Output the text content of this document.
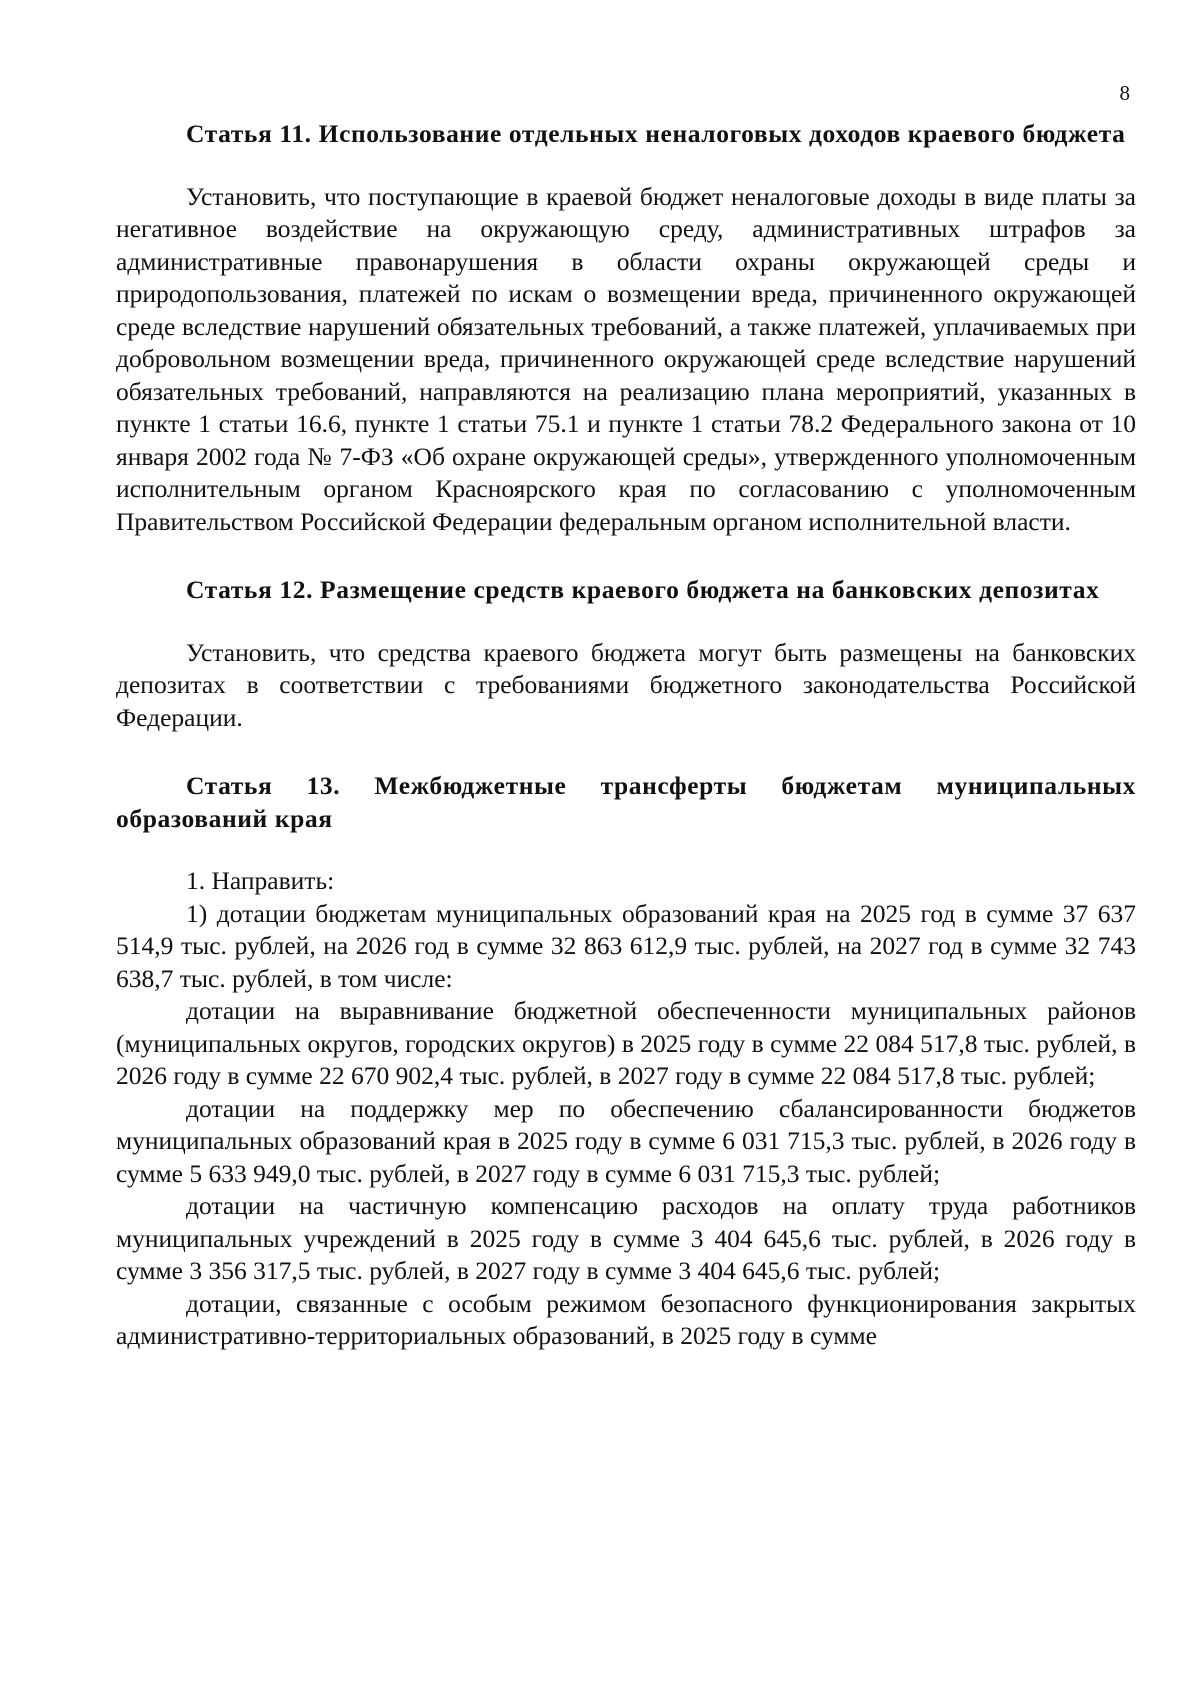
8

Статья 11. Использование отдельных неналоговых доходов краевого бюджета

Установить, что поступающие в краевой бюджет неналоговые доходы в виде платы за негативное воздействие на окружающую среду, административных штрафов за административные правонарушения в области охраны окружающей среды и природопользования, платежей по искам о возмещении вреда, причиненного окружающей среде вследствие нарушений обязательных требований, а также платежей, уплачиваемых при добровольном возмещении вреда, причиненного окружающей среде вследствие нарушений обязательных требований, направляются на реализацию плана мероприятий, указанных в пункте 1 статьи 16.6, пункте 1 статьи 75.1 и пункте 1 статьи 78.2 Федерального закона от 10 января 2002 года № 7-ФЗ «Об охране окружающей среды», утвержденного уполномоченным исполнительным органом Красноярского края по согласованию с уполномоченным Правительством Российской Федерации федеральным органом исполнительной власти.

Статья 12. Размещение средств краевого бюджета на банковских депозитах

Установить, что средства краевого бюджета могут быть размещены на банковских депозитах в соответствии с требованиями бюджетного законодательства Российской Федерации.

Статья 13. Межбюджетные трансферты бюджетам муниципальных образований края

1. Направить:

1) дотации бюджетам муниципальных образований края на 2025 год в сумме 37 637 514,9 тыс. рублей, на 2026 год в сумме 32 863 612,9 тыс. рублей, на 2027 год в сумме 32 743 638,7 тыс. рублей, в том числе:

дотации на выравнивание бюджетной обеспеченности муниципальных районов (муниципальных округов, городских округов) в 2025 году в сумме 22 084 517,8 тыс. рублей, в 2026 году в сумме 22 670 902,4 тыс. рублей, в 2027 году в сумме 22 084 517,8 тыс. рублей;

дотации на поддержку мер по обеспечению сбалансированности бюджетов муниципальных образований края в 2025 году в сумме 6 031 715,3 тыс. рублей, в 2026 году в сумме 5 633 949,0 тыс. рублей, в 2027 году в сумме 6 031 715,3 тыс. рублей;

дотации на частичную компенсацию расходов на оплату труда работников муниципальных учреждений в 2025 году в сумме 3 404 645,6 тыс. рублей, в 2026 году в сумме 3 356 317,5 тыс. рублей, в 2027 году в сумме 3 404 645,6 тыс. рублей;

дотации, связанные с особым режимом безопасного функционирования закрытых административно-территориальных образований, в 2025 году в сумме
